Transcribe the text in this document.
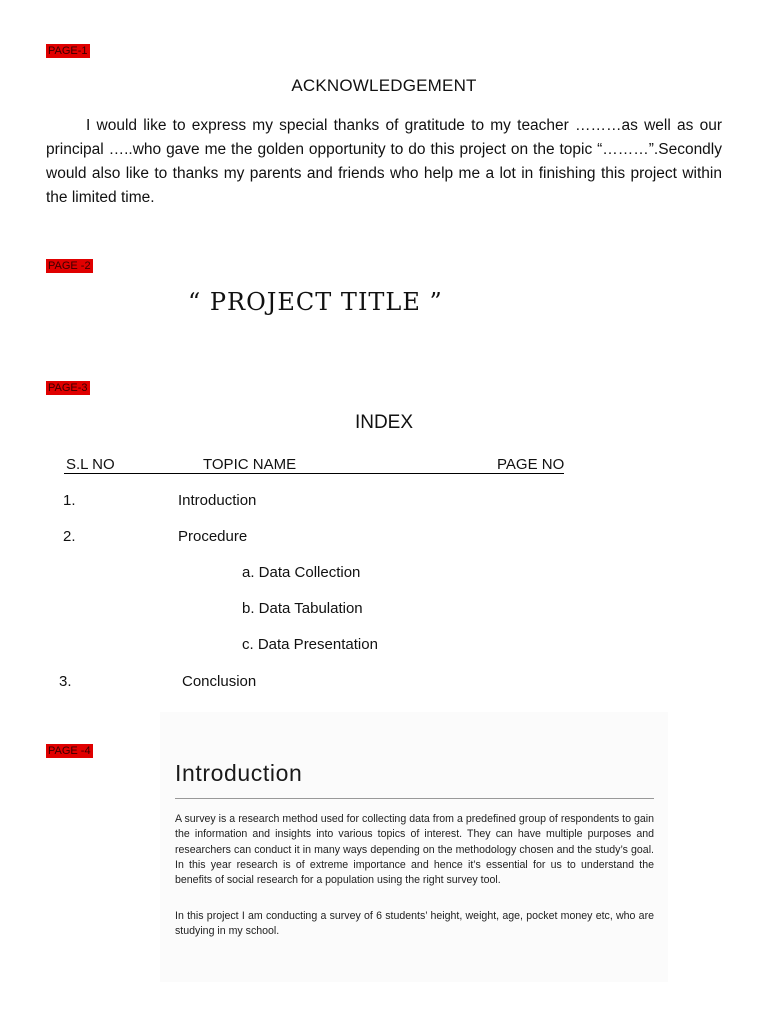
PAGE-1
ACKNOWLEDGEMENT
I would like to express my special thanks of gratitude to my teacher ………as well as our principal …..who gave me the golden opportunity to do this project on the topic “………”.Secondly would also like to thanks my parents and friends who help me a lot in finishing this project within the limited time.
PAGE -2
“ PROJECT TITLE ”
PAGE-3
INDEX
S.L NO	TOPIC NAME	PAGE NO
1.	Introduction
2.	Procedure
a. Data Collection
b. Data Tabulation
c. Data Presentation
3.	Conclusion
PAGE -4
Introduction
A survey is a research method used for collecting data from a predefined group of respondents to gain the information and insights into various topics of interest. They can have multiple purposes and researchers can conduct it in many ways depending on the methodology chosen and the study’s goal. In this year research is of extreme importance and hence it’s essential for us to understand the benefits of social research for a population using the right survey tool.
In this project I am conducting a survey of 6 students’ height, weight, age, pocket money etc, who are studying in my school.
